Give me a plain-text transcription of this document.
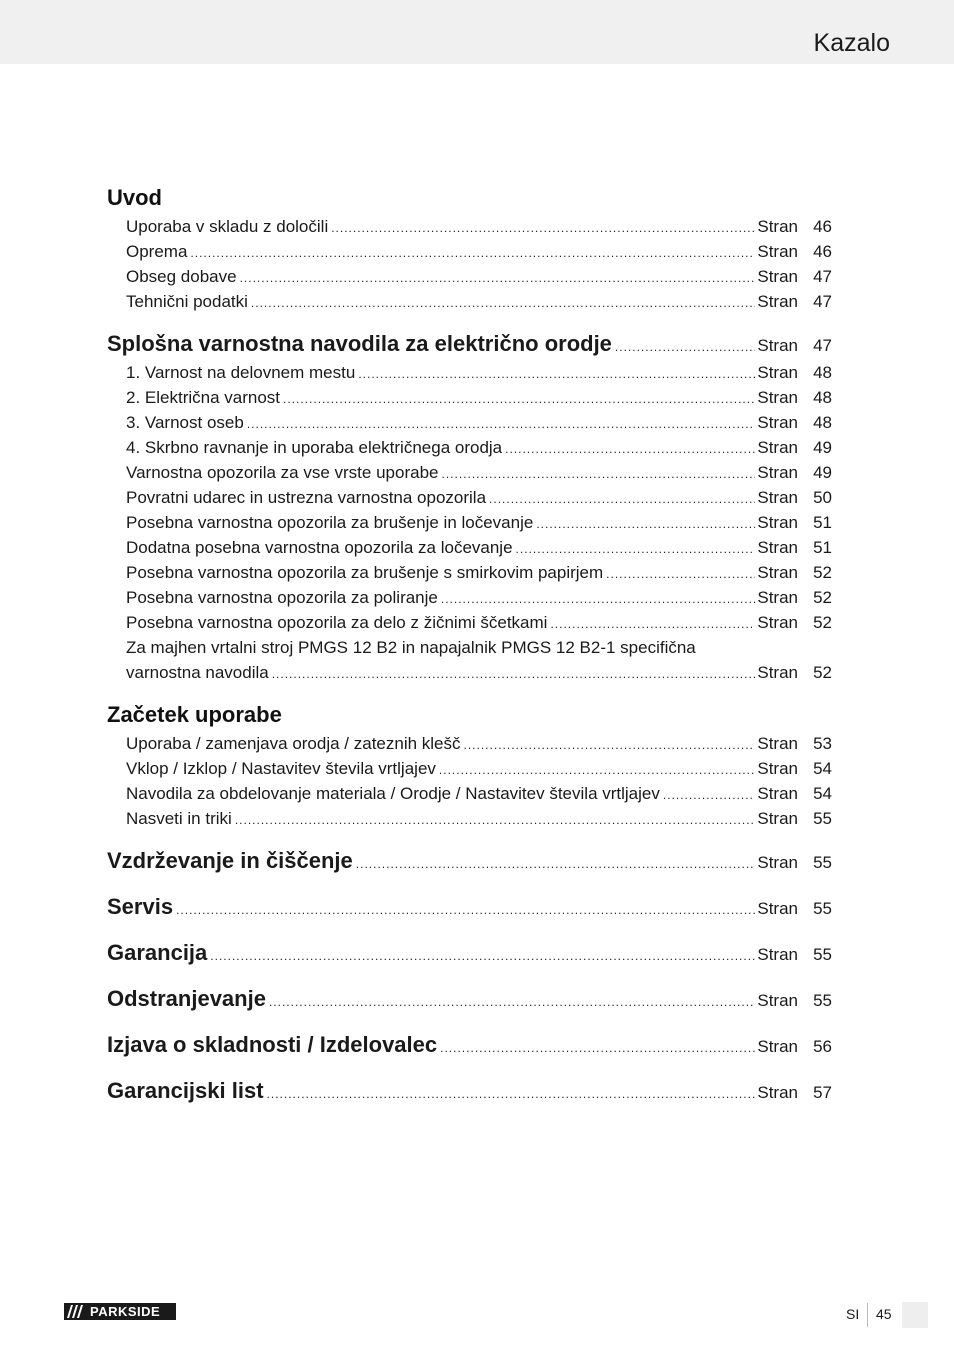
Kazalo
Uvod
Uporaba v skladu z določili .....	Stran 46
Oprema .....	Stran 46
Obseg dobave .....	Stran 47
Tehnični podatki .....	Stran 47
Splošna varnostna navodila za električno orodje .....	Stran 47
1. Varnost na delovnem mestu .....	Stran 48
2. Električna varnost .....	Stran 48
3. Varnost oseb .....	Stran 48
4. Skrbno ravnanje in uporaba električnega orodja .....	Stran 49
Varnostna opozorila za vse vrste uporabe .....	Stran 49
Povratni udarec in ustrezna varnostna opozorila .....	Stran 50
Posebna varnostna opozorila za brušenje in ločevanje .....	Stran 51
Dodatna posebna varnostna opozorila za ločevanje .....	Stran 51
Posebna varnostna opozorila za brušenje s smirkovim papirjem .....	Stran 52
Posebna varnostna opozorila za poliranje .....	Stran 52
Posebna varnostna opozorila za delo z žičnimi ščetkami .....	Stran 52
Za majhen vrtalni stroj PMGS 12 B2 in napajalnik PMGS 12 B2-1 specifična
varnostna navodila .....	Stran 52
Začetek uporabe
Uporaba / zamenjava orodja / zateznih klešč .....	Stran 53
Vklop / Izklop / Nastavitev števila vrtljajev .....	Stran 54
Navodila za obdelovanje materiala / Orodje / Nastavitev števila vrtljajev .....	Stran 54
Nasveti in triki .....	Stran 55
Vzdrževanje in čiščenje .....	Stran 55
Servis .....	Stran 55
Garancija .....	Stran 55
Odstranjevanje .....	Stran 55
Izjava o skladnosti / Izdelovalec .....	Stran 56
Garancijski list .....	Stran 57
PARKSIDE	SI 45
